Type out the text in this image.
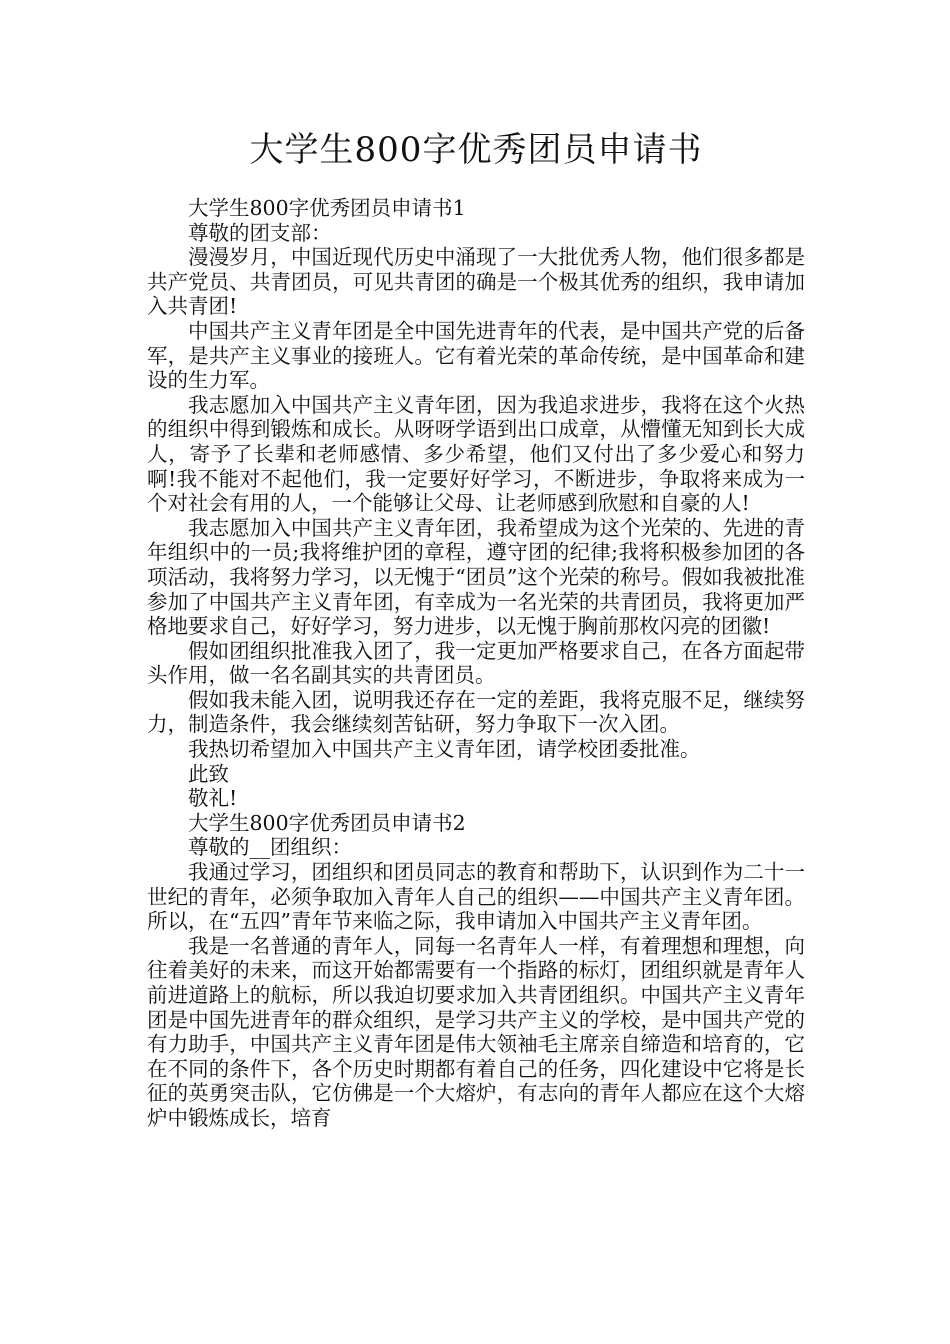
大学生800字优秀团员申请书

大学生800字优秀团员申请书1

尊敬的团支部：

漫漫岁月，中国近现代历史中涌现了一大批优秀人物，他们很多都是共产党员、共青团员，可见共青团的确是一个极其优秀的组织，我申请加入共青团!

中国共产主义青年团是全中国先进青年的代表，是中国共产党的后备军，是共产主义事业的接班人。它有着光荣的革命传统，是中国革命和建设的生力军。

我志愿加入中国共产主义青年团，因为我追求进步，我将在这个火热的组织中得到锻炼和成长。从呀呀学语到出口成章，从懵懂无知到长大成人，寄予了长辈和老师感情、多少希望，他们又付出了多少爱心和努力啊!我不能对不起他们，我一定要好好学习，不断进步，争取将来成为一个对社会有用的人，一个能够让父母、让老师感到欣慰和自豪的人!

我志愿加入中国共产主义青年团，我希望成为这个光荣的、先进的青年组织中的一员;我将维护团的章程，遵守团的纪律;我将积极参加团的各项活动，我将努力学习，以无愧于“团员”这个光荣的称号。假如我被批准参加了中国共产主义青年团，有幸成为一名光荣的共青团员，我将更加严格地要求自己，好好学习，努力进步，以无愧于胸前那枚闪亮的团徽!

假如团组织批准我入团了，我一定更加严格要求自己，在各方面起带头作用，做一名名副其实的共青团员。

假如我未能入团，说明我还存在一定的差距，我将克服不足，继续努力，制造条件，我会继续刻苦钻研，努力争取下一次入团。

我热切希望加入中国共产主义青年团，请学校团委批准。

此致

敬礼!

大学生800字优秀团员申请书2

尊敬的__团组织：

我通过学习，团组织和团员同志的教育和帮助下，认识到作为二十一世纪的青年，必须争取加入青年人自己的组织——中国共产主义青年团。所以，在“五四”青年节来临之际，我申请加入中国共产主义青年团。

我是一名普通的青年人，同每一名青年人一样，有着理想和理想，向往着美好的未来，而这开始都需要有一个指路的标灯，团组织就是青年人前进道路上的航标，所以我迫切要求加入共青团组织。中国共产主义青年团是中国先进青年的群众组织，是学习共产主义的学校，是中国共产党的有力助手，中国共产主义青年团是伟大领袖毛主席亲自缔造和培育的，它在不同的条件下，各个历史时期都有着自己的任务，四化建设中它将是长征的英勇突击队，它仿佛是一个大熔炉，有志向的青年人都应在这个大熔炉中锻炼成长，培育
